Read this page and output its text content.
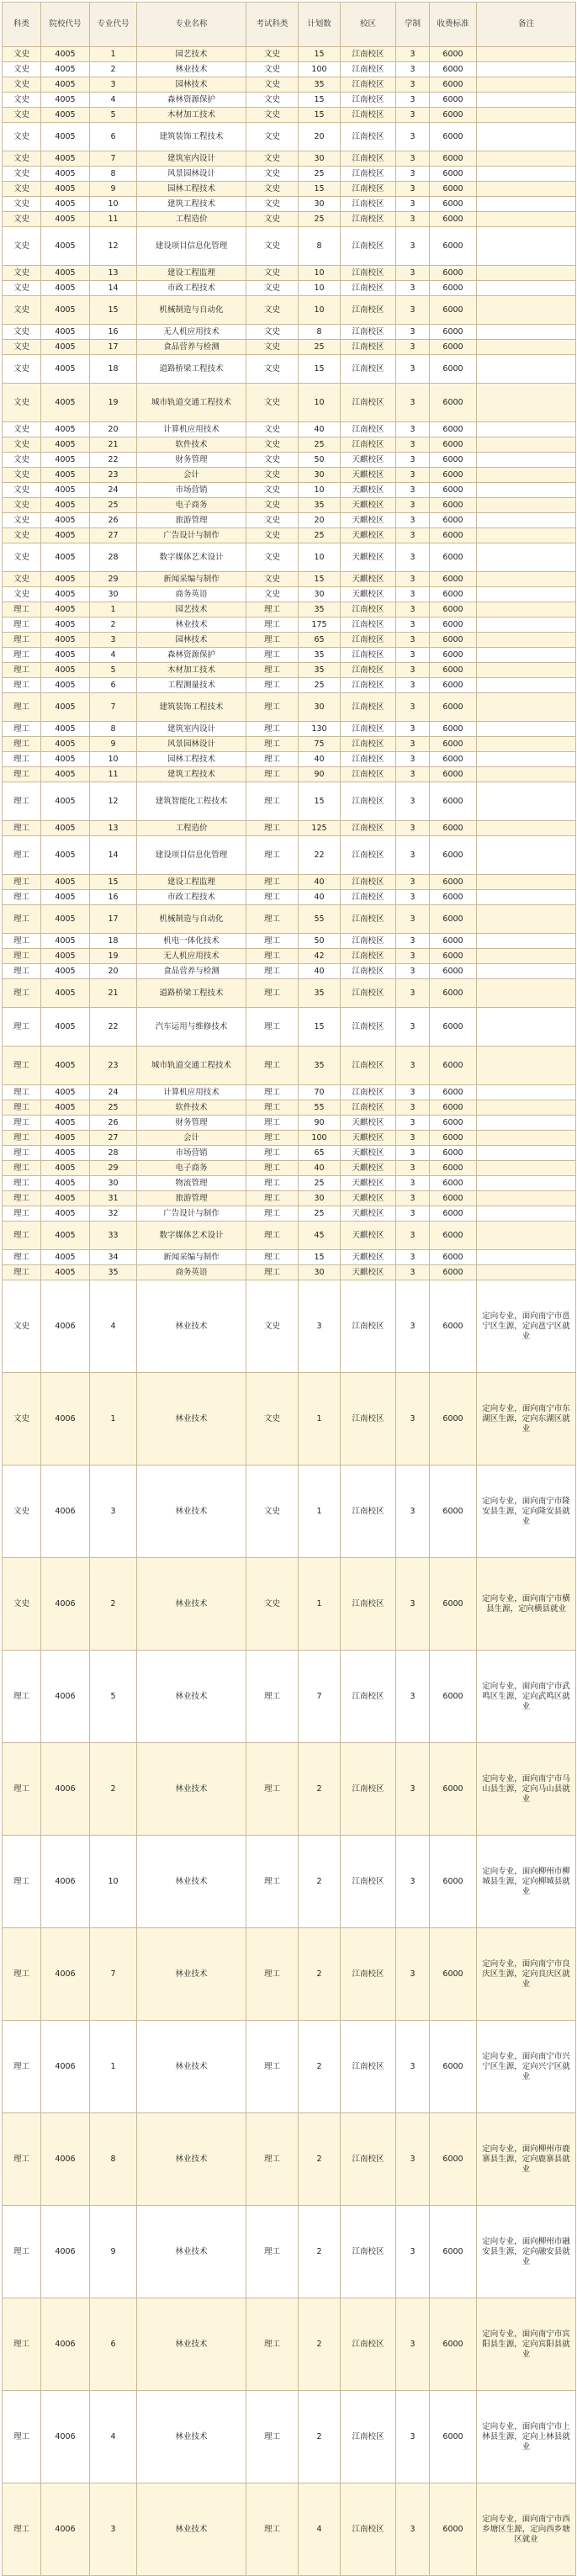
科类	院校代号	专业代号	专业名称	考试科类	计划数	校区	学制	收费标准	备注
文史	4005	1	园艺技术	文史	15	江南校区	3	6000	
文史	4005	2	林业技术	文史	100	江南校区	3	6000	
文史	4005	3	园林技术	文史	35	江南校区	3	6000	
文史	4005	4	森林资源保护	文史	15	江南校区	3	6000	
文史	4005	5	木材加工技术	文史	15	江南校区	3	6000	
文史	4005	6	建筑装饰工程技术	文史	20	江南校区	3	6000	
文史	4005	7	建筑室内设计	文史	30	江南校区	3	6000	
文史	4005	8	风景园林设计	文史	25	江南校区	3	6000	
文史	4005	9	园林工程技术	文史	15	江南校区	3	6000	
文史	4005	10	建筑工程技术	文史	30	江南校区	3	6000	
文史	4005	11	工程造价	文史	25	江南校区	3	6000	
文史	4005	12	建设项目信息化管理	文史	8	江南校区	3	6000	
文史	4005	13	建设工程监理	文史	10	江南校区	3	6000	
文史	4005	14	市政工程技术	文史	10	江南校区	3	6000	
文史	4005	15	机械制造与自动化	文史	10	江南校区	3	6000	
文史	4005	16	无人机应用技术	文史	8	江南校区	3	6000	
文史	4005	17	食品营养与检测	文史	25	江南校区	3	6000	
文史	4005	18	道路桥梁工程技术	文史	15	江南校区	3	6000	
文史	4005	19	城市轨道交通工程技术	文史	10	江南校区	3	6000	
文史	4005	20	计算机应用技术	文史	40	江南校区	3	6000	
文史	4005	21	软件技术	文史	25	江南校区	3	6000	
文史	4005	22	财务管理	文史	50	天麒校区	3	6000	
文史	4005	23	会计	文史	30	天麒校区	3	6000	
文史	4005	24	市场营销	文史	10	天麒校区	3	6000	
文史	4005	25	电子商务	文史	35	天麒校区	3	6000	
文史	4005	26	旅游管理	文史	20	天麒校区	3	6000	
文史	4005	27	广告设计与制作	文史	25	天麒校区	3	6000	
文史	4005	28	数字媒体艺术设计	文史	10	天麒校区	3	6000	
文史	4005	29	新闻采编与制作	文史	15	天麒校区	3	6000	
文史	4005	30	商务英语	文史	30	天麒校区	3	6000	
理工	4005	1	园艺技术	理工	35	江南校区	3	6000	
理工	4005	2	林业技术	理工	175	江南校区	3	6000	
理工	4005	3	园林技术	理工	65	江南校区	3	6000	
理工	4005	4	森林资源保护	理工	35	江南校区	3	6000	
理工	4005	5	木材加工技术	理工	35	江南校区	3	6000	
理工	4005	6	工程测量技术	理工	25	江南校区	3	6000	
理工	4005	7	建筑装饰工程技术	理工	30	江南校区	3	6000	
理工	4005	8	建筑室内设计	理工	130	江南校区	3	6000	
理工	4005	9	风景园林设计	理工	75	江南校区	3	6000	
理工	4005	10	园林工程技术	理工	40	江南校区	3	6000	
理工	4005	11	建筑工程技术	理工	90	江南校区	3	6000	
理工	4005	12	建筑智能化工程技术	理工	15	江南校区	3	6000	
理工	4005	13	工程造价	理工	125	江南校区	3	6000	
理工	4005	14	建设项目信息化管理	理工	22	江南校区	3	6000	
理工	4005	15	建设工程监理	理工	40	江南校区	3	6000	
理工	4005	16	市政工程技术	理工	40	江南校区	3	6000	
理工	4005	17	机械制造与自动化	理工	55	江南校区	3	6000	
理工	4005	18	机电一体化技术	理工	50	江南校区	3	6000	
理工	4005	19	无人机应用技术	理工	42	江南校区	3	6000	
理工	4005	20	食品营养与检测	理工	40	江南校区	3	6000	
理工	4005	21	道路桥梁工程技术	理工	35	江南校区	3	6000	
理工	4005	22	汽车运用与维修技术	理工	15	江南校区	3	6000	
理工	4005	23	城市轨道交通工程技术	理工	35	江南校区	3	6000	
理工	4005	24	计算机应用技术	理工	70	江南校区	3	6000	
理工	4005	25	软件技术	理工	55	江南校区	3	6000	
理工	4005	26	财务管理	理工	90	天麒校区	3	6000	
理工	4005	27	会计	理工	100	天麒校区	3	6000	
理工	4005	28	市场营销	理工	65	天麒校区	3	6000	
理工	4005	29	电子商务	理工	40	天麒校区	3	6000	
理工	4005	30	物流管理	理工	25	天麒校区	3	6000	
理工	4005	31	旅游管理	理工	30	天麒校区	3	6000	
理工	4005	32	广告设计与制作	理工	25	天麒校区	3	6000	
理工	4005	33	数字媒体艺术设计	理工	45	天麒校区	3	6000	
理工	4005	34	新闻采编与制作	理工	15	天麒校区	3	6000	
理工	4005	35	商务英语	理工	30	天麒校区	3	6000	
文史	4006	4	林业技术	文史	3	江南校区	3	6000	定向专业，面向南宁市邕宁区生源，定向邕宁区就业
文史	4006	1	林业技术	文史	1	江南校区	3	6000	定向专业，面向南宁市东湖区生源，定向东湖区就业
文史	4006	3	林业技术	文史	1	江南校区	3	6000	定向专业，面向南宁市隆安县生源，定向隆安县就业
文史	4006	2	林业技术	文史	1	江南校区	3	6000	定向专业，面向南宁市横县生源，定向横县就业
理工	4006	5	林业技术	理工	7	江南校区	3	6000	定向专业，面向南宁市武鸣区生源，定向武鸣区就业
理工	4006	2	林业技术	理工	2	江南校区	3	6000	定向专业，面向南宁市马山县生源，定向马山县就业
理工	4006	10	林业技术	理工	2	江南校区	3	6000	定向专业，面向柳州市柳城县生源，定向柳城县就业
理工	4006	7	林业技术	理工	2	江南校区	3	6000	定向专业，面向南宁市良庆区生源，定向良庆区就业
理工	4006	1	林业技术	理工	2	江南校区	3	6000	定向专业，面向南宁市兴宁区生源，定向兴宁区就业
理工	4006	8	林业技术	理工	2	江南校区	3	6000	定向专业，面向柳州市鹿寨县生源，定向鹿寨县就业
理工	4006	9	林业技术	理工	2	江南校区	3	6000	定向专业，面向柳州市融安县生源，定向融安县就业
理工	4006	6	林业技术	理工	2	江南校区	3	6000	定向专业，面向南宁市宾阳县生源，定向宾阳县就业
理工	4006	4	林业技术	理工	2	江南校区	3	6000	定向专业，面向南宁市上林县生源，定向上林县就业
理工	4006	3	林业技术	理工	4	江南校区	3	6000	定向专业，面向南宁市西乡塘区生源，定向西乡塘区就业
